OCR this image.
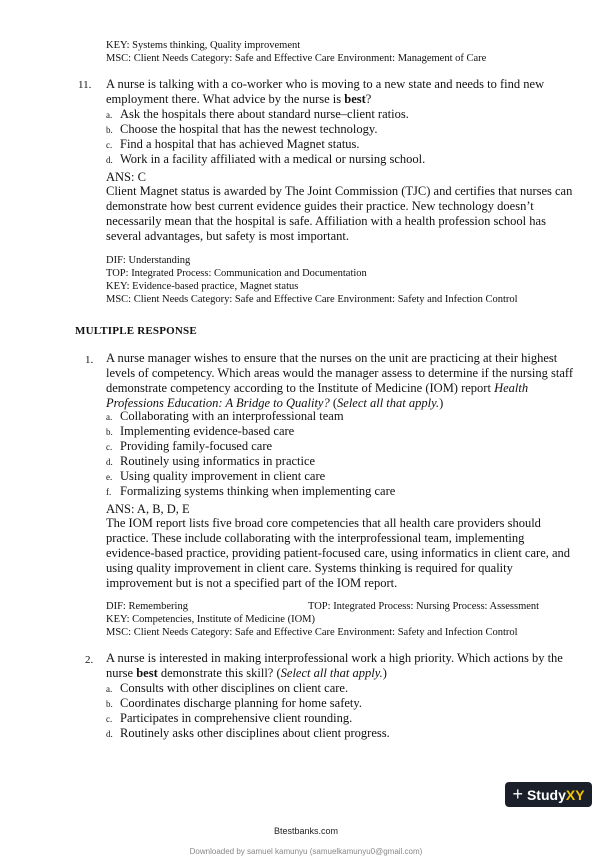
KEY: Systems thinking, Quality improvement
MSC: Client Needs Category: Safe and Effective Care Environment: Management of Care
11. A nurse is talking with a co-worker who is moving to a new state and needs to find new
employment there. What advice by the nurse is best?
a. Ask the hospitals there about standard nurse–client ratios.
b. Choose the hospital that has the newest technology.
c. Find a hospital that has achieved Magnet status.
d. Work in a facility affiliated with a medical or nursing school.
ANS: C
Client Magnet status is awarded by The Joint Commission (TJC) and certifies that nurses can demonstrate how best current evidence guides their practice. New technology doesn’t necessarily mean that the hospital is safe. Affiliation with a health profession school has several advantages, but safety is most important.
DIF: Understanding
TOP: Integrated Process: Communication and Documentation
KEY: Evidence-based practice, Magnet status
MSC: Client Needs Category: Safe and Effective Care Environment: Safety and Infection Control
MULTIPLE RESPONSE
1. A nurse manager wishes to ensure that the nurses on the unit are practicing at their highest
levels of competency. Which areas would the manager assess to determine if the nursing staff
demonstrate competency according to the Institute of Medicine (IOM) report Health
Professions Education: A Bridge to Quality? (Select all that apply.)
a. Collaborating with an interprofessional team
b. Implementing evidence-based care
c. Providing family-focused care
d. Routinely using informatics in practice
e. Using quality improvement in client care
f. Formalizing systems thinking when implementing care
ANS: A, B, D, E
The IOM report lists five broad core competencies that all health care providers should practice. These include collaborating with the interprofessional team, implementing evidence-based practice, providing patient-focused care, using informatics in client care, and using quality improvement in client care. Systems thinking is required for quality improvement but is not a specified part of the IOM report.
DIF: Remembering	TOP: Integrated Process: Nursing Process: Assessment
KEY: Competencies, Institute of Medicine (IOM)
MSC: Client Needs Category: Safe and Effective Care Environment: Safety and Infection Control
2. A nurse is interested in making interprofessional work a high priority. Which actions by the
nurse best demonstrate this skill? (Select all that apply.)
a. Consults with other disciplines on client care.
b. Coordinates discharge planning for home safety.
c. Participates in comprehensive client rounding.
d. Routinely asks other disciplines about client progress.
+ StudyXY
Btestbanks.com
Downloaded by samuel kamunyu (samuelkamunyu0@gmail.com)
